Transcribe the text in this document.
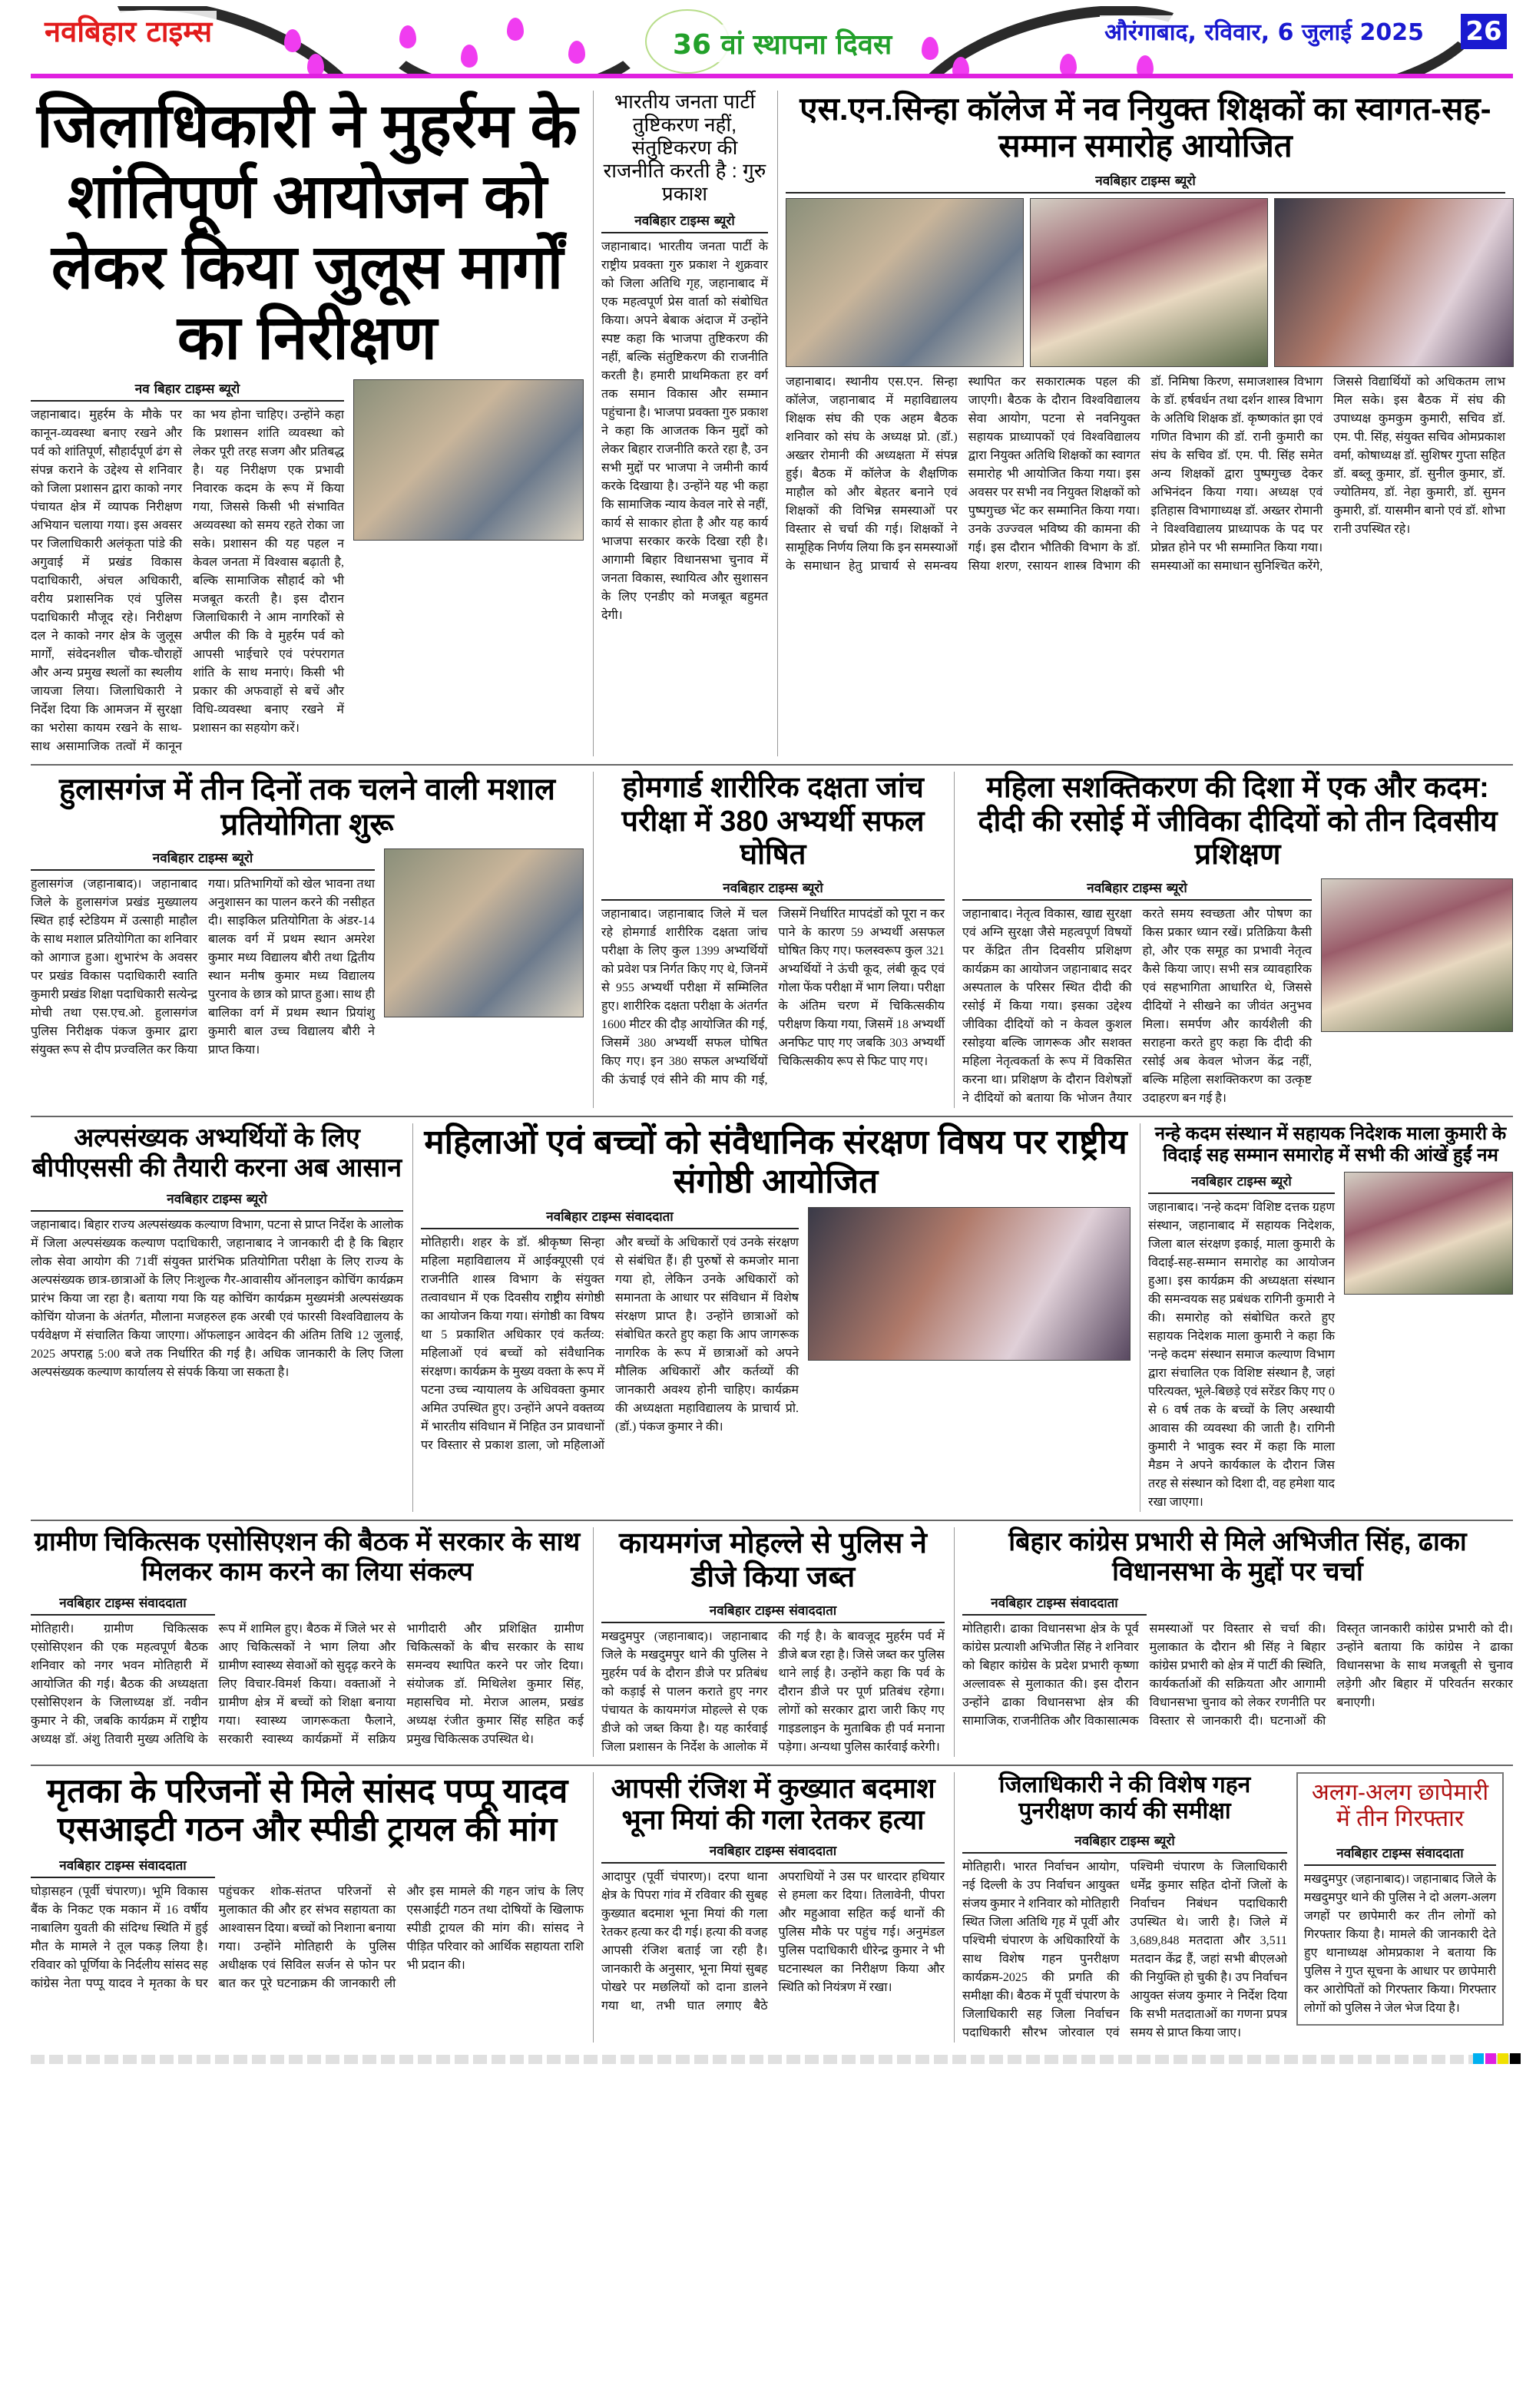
नवबिहार टाइम्स	36 वां स्थापना दिवस	औरंगाबाद, रविवार, 6 जुलाई 2025 26
जिलाधिकारी ने मुहर्रम के शांतिपूर्ण आयोजन को लेकर किया जुलूस मार्गों का निरीक्षण
नव बिहार टाइम्स ब्यूरो
जहानाबाद। मुहर्रम के मौके पर कानून-व्यवस्था बनाए रखने और पर्व को शांतिपूर्ण, सौहार्दपूर्ण ढंग से संपन्न कराने के उद्देश्य से शनिवार को जिला प्रशासन द्वारा काको नगर पंचायत क्षेत्र में व्यापक निरीक्षण अभियान चलाया गया। इस अवसर पर जिलाधिकारी अलंकृता पांडे की अगुवाई में प्रखंड विकास पदाधिकारी, अंचल अधिकारी, वरीय प्रशासनिक एवं पुलिस पदाधिकारी मौजूद रहे। निरीक्षण दल ने काको नगर क्षेत्र के जुलूस मार्गों, संवेदनशील चौक-चौराहों और अन्य प्रमुख स्थलों का स्थलीय जायजा लिया। जिलाधिकारी ने निर्देश दिया कि आमजन में सुरक्षा का भरोसा कायम रखने के साथ-साथ असामाजिक तत्वों में कानून का भय होना चाहिए। उन्होंने कहा कि प्रशासन शांति व्यवस्था को लेकर पूरी तरह सजग और प्रतिबद्ध है। यह निरीक्षण एक प्रभावी निवारक कदम के रूप में किया गया, जिससे किसी भी संभावित अव्यवस्था को समय रहते रोका जा सके। प्रशासन की यह पहल न केवल जनता में विश्वास बढ़ाती है, बल्कि सामाजिक सौहार्द को भी मजबूत करती है। इस दौरान जिलाधिकारी ने आम नागरिकों से अपील की कि वे मुहर्रम पर्व को आपसी भाईचारे एवं परंपरागत शांति के साथ मनाएं। किसी भी प्रकार की अफवाहों से बचें और विधि-व्यवस्था बनाए रखने में प्रशासन का सहयोग करें।
भारतीय जनता पार्टी तुष्टिकरण नहीं, संतुष्टिकरण की राजनीति करती है : गुरु प्रकाश
नवबिहार टाइम्स ब्यूरो
जहानाबाद। भारतीय जनता पार्टी के राष्ट्रीय प्रवक्ता गुरु प्रकाश ने शुक्रवार को जिला अतिथि गृह, जहानाबाद में एक महत्वपूर्ण प्रेस वार्ता को संबोधित किया। अपने बेबाक अंदाज में उन्होंने स्पष्ट कहा कि भाजपा तुष्टिकरण की नहीं, बल्कि संतुष्टिकरण की राजनीति करती है। हमारी प्राथमिकता हर वर्ग तक समान विकास और सम्मान पहुंचाना है। भाजपा प्रवक्ता गुरु प्रकाश ने कहा कि आजतक किन मुद्दों को लेकर बिहार राजनीति करते रहा है, उन सभी मुद्दों पर भाजपा ने जमीनी कार्य करके दिखाया है। उन्होंने यह भी कहा कि सामाजिक न्याय केवल नारे से नहीं, कार्य से साकार होता है और यह कार्य भाजपा सरकार करके दिखा रही है। आगामी बिहार विधानसभा चुनाव में जनता विकास, स्थायित्व और सुशासन के लिए एनडीए को मजबूत बहुमत देगी।
एस.एन.सिन्हा कॉलेज में नव नियुक्त शिक्षकों का स्वागत-सह-सम्मान समारोह आयोजित
नवबिहार टाइम्स ब्यूरो
जहानाबाद। स्थानीय एस.एन. सिन्हा कॉलेज, जहानाबाद में महाविद्यालय शिक्षक संघ की एक अहम बैठक शनिवार को संघ के अध्यक्ष प्रो. (डॉ.) अख्तर रोमानी की अध्यक्षता में संपन्न हुई। बैठक में कॉलेज के शैक्षणिक माहौल को और बेहतर बनाने एवं शिक्षकों की विभिन्न समस्याओं पर विस्तार से चर्चा की गई। शिक्षकों ने सामूहिक निर्णय लिया कि इन समस्याओं के समाधान हेतु प्राचार्य से समन्वय स्थापित कर सकारात्मक पहल की जाएगी। बैठक के दौरान विश्वविद्यालय सेवा आयोग, पटना से नवनियुक्त सहायक प्राध्यापकों एवं विश्वविद्यालय द्वारा नियुक्त अतिथि शिक्षकों का स्वागत समारोह भी आयोजित किया गया। इस अवसर पर सभी नव नियुक्त शिक्षकों को पुष्पगुच्छ भेंट कर सम्मानित किया गया। उनके उज्ज्वल भविष्य की कामना की गई। इस दौरान भौतिकी विभाग के डॉ. सिया शरण, रसायन शास्त्र विभाग की डॉ. निमिषा किरण, समाजशास्त्र विभाग के डॉ. हर्षवर्धन तथा दर्शन शास्त्र विभाग के अतिथि शिक्षक डॉ. कृष्णकांत झा एवं गणित विभाग की डॉ. रानी कुमारी का संघ के सचिव डॉ. एम. पी. सिंह समेत अन्य शिक्षकों द्वारा पुष्पगुच्छ देकर अभिनंदन किया गया। अध्यक्ष एवं इतिहास विभागाध्यक्ष डॉ. अख्तर रोमानी ने विश्वविद्यालय प्राध्यापक के पद पर प्रोन्नत होने पर भी सम्मानित किया गया। समस्याओं का समाधान सुनिश्चित करेंगे, जिससे विद्यार्थियों को अधिकतम लाभ मिल सके। इस बैठक में संघ की उपाध्यक्ष कुमकुम कुमारी, सचिव डॉ. एम. पी. सिंह, संयुक्त सचिव ओमप्रकाश वर्मा, कोषाध्यक्ष डॉ. सुशिषर गुप्ता सहित डॉ. बब्लू कुमार, डॉ. सुनील कुमार, डॉ. ज्योतिमय, डॉ. नेहा कुमारी, डॉ. सुमन कुमारी, डॉ. यासमीन बानो एवं डॉ. शोभा रानी उपस्थित रहे।
हुलासगंज में तीन दिनों तक चलने वाली मशाल प्रतियोगिता शुरू
नवबिहार टाइम्स ब्यूरो
हुलासगंज (जहानाबाद)। जहानाबाद जिले के हुलासगंज प्रखंड मुख्यालय स्थित हाई स्टेडियम में उत्साही माहौल के साथ मशाल प्रतियोगिता का शनिवार को आगाज हुआ। शुभारंभ के अवसर पर प्रखंड विकास पदाधिकारी स्वाति कुमारी प्रखंड शिक्षा पदाधिकारी सत्येन्द्र मोची तथा एस.एच.ओ. हुलासगंज पुलिस निरीक्षक पंकज कुमार द्वारा संयुक्त रूप से दीप प्रज्वलित कर किया गया। प्रतिभागियों को खेल भावना तथा अनुशासन का पालन करने की नसीहत दी। साइकिल प्रतियोगिता के अंडर-14 बालक वर्ग में प्रथम स्थान अमरेश कुमार मध्य विद्यालय बौरी तथा द्वितीय स्थान मनीष कुमार मध्य विद्यालय पुरनाव के छात्र को प्राप्त हुआ। साथ ही बालिका वर्ग में प्रथम स्थान प्रियांशु कुमारी बाल उच्च विद्यालय बौरी ने प्राप्त किया।
होमगार्ड शारीरिक दक्षता जांच परीक्षा में 380 अभ्यर्थी सफल घोषित
नवबिहार टाइम्स ब्यूरो
जहानाबाद। जहानाबाद जिले में चल रहे होमगार्ड शारीरिक दक्षता जांच परीक्षा के लिए कुल 1399 अभ्यर्थियों को प्रवेश पत्र निर्गत किए गए थे, जिनमें से 955 अभ्यर्थी परीक्षा में सम्मिलित हुए। शारीरिक दक्षता परीक्षा के अंतर्गत 1600 मीटर की दौड़ आयोजित की गई, जिसमें 380 अभ्यर्थी सफल घोषित किए गए। इन 380 सफल अभ्यर्थियों की ऊंचाई एवं सीने की माप की गई, जिसमें निर्धारित मापदंडों को पूरा न कर पाने के कारण 59 अभ्यर्थी असफल घोषित किए गए। फलस्वरूप कुल 321 अभ्यर्थियों ने ऊंची कूद, लंबी कूद एवं गोला फेंक परीक्षा में भाग लिया। परीक्षा के अंतिम चरण में चिकित्सकीय परीक्षण किया गया, जिसमें 18 अभ्यर्थी अनफिट पाए गए जबकि 303 अभ्यर्थी चिकित्सकीय रूप से फिट पाए गए।
महिला सशक्तिकरण की दिशा में एक और कदम: दीदी की रसोई में जीविका दीदियों को तीन दिवसीय प्रशिक्षण
नवबिहार टाइम्स ब्यूरो
जहानाबाद। नेतृत्व विकास, खाद्य सुरक्षा एवं अग्नि सुरक्षा जैसे महत्वपूर्ण विषयों पर केंद्रित तीन दिवसीय प्रशिक्षण कार्यक्रम का आयोजन जहानाबाद सदर अस्पताल के परिसर स्थित दीदी की रसोई में किया गया। इसका उद्देश्य जीविका दीदियों को न केवल कुशल रसोइया बल्कि जागरूक और सशक्त महिला नेतृत्वकर्ता के रूप में विकसित करना था। प्रशिक्षण के दौरान विशेषज्ञों ने दीदियों को बताया कि भोजन तैयार करते समय स्वच्छता और पोषण का किस प्रकार ध्यान रखें। प्रतिक्रिया कैसी हो, और एक समूह का प्रभावी नेतृत्व कैसे किया जाए। सभी सत्र व्यावहारिक एवं सहभागिता आधारित थे, जिससे दीदियों ने सीखने का जीवंत अनुभव मिला। समर्पण और कार्यशैली की सराहना करते हुए कहा कि दीदी की रसोई अब केवल भोजन केंद्र नहीं, बल्कि महिला सशक्तिकरण का उत्कृष्ट उदाहरण बन गई है।
अल्पसंख्यक अभ्यर्थियों के लिए बीपीएससी की तैयारी करना अब आसान
नवबिहार टाइम्स ब्यूरो
जहानाबाद। बिहार राज्य अल्पसंख्यक कल्याण विभाग, पटना से प्राप्त निर्देश के आलोक में जिला अल्पसंख्यक कल्याण पदाधिकारी, जहानाबाद ने जानकारी दी है कि बिहार लोक सेवा आयोग की 71वीं संयुक्त प्रारंभिक प्रतियोगिता परीक्षा के लिए राज्य के अल्पसंख्यक छात्र-छात्राओं के लिए निःशुल्क गैर-आवासीय ऑनलाइन कोचिंग कार्यक्रम प्रारंभ किया जा रहा है। बताया गया कि यह कोचिंग कार्यक्रम मुख्यमंत्री अल्पसंख्यक कोचिंग योजना के अंतर्गत, मौलाना मजहरुल हक अरबी एवं फारसी विश्वविद्यालय के पर्यवेक्षण में संचालित किया जाएगा। ऑफलाइन आवेदन की अंतिम तिथि 12 जुलाई, 2025 अपराह्न 5:00 बजे तक निर्धारित की गई है। अधिक जानकारी के लिए जिला अल्पसंख्यक कल्याण कार्यालय से संपर्क किया जा सकता है।
महिलाओं एवं बच्चों को संवैधानिक संरक्षण विषय पर राष्ट्रीय संगोष्ठी आयोजित
नवबिहार टाइम्स संवाददाता
मोतिहारी। शहर के डॉ. श्रीकृष्ण सिन्हा महिला महाविद्यालय में आईक्यूएसी एवं राजनीति शास्त्र विभाग के संयुक्त तत्वावधान में एक दिवसीय राष्ट्रीय संगोष्ठी का आयोजन किया गया। संगोष्ठी का विषय था 5 प्रकाशित अधिकार एवं कर्तव्य: महिलाओं एवं बच्चों को संवैधानिक संरक्षण। कार्यक्रम के मुख्य वक्ता के रूप में पटना उच्च न्यायालय के अधिवक्ता कुमार अमित उपस्थित हुए। उन्होंने अपने वक्तव्य में भारतीय संविधान में निहित उन प्रावधानों पर विस्तार से प्रकाश डाला, जो महिलाओं और बच्चों के अधिकारों एवं उनके संरक्षण से संबंधित हैं। ही पुरुषों से कमजोर माना गया हो, लेकिन उनके अधिकारों को समानता के आधार पर संविधान में विशेष संरक्षण प्राप्त है। उन्होंने छात्राओं को संबोधित करते हुए कहा कि आप जागरूक नागरिक के रूप में छात्राओं को अपने मौलिक अधिकारों और कर्तव्यों की जानकारी अवश्य होनी चाहिए। कार्यक्रम की अध्यक्षता महाविद्यालय के प्राचार्य प्रो. (डॉ.) पंकज कुमार ने की।
नन्हे कदम संस्थान में सहायक निदेशक माला कुमारी के विदाई सह सम्मान समारोह में सभी की आंखें हुईं नम
नवबिहार टाइम्स ब्यूरो
जहानाबाद। 'नन्हे कदम' विशिष्ट दत्तक ग्रहण संस्थान, जहानाबाद में सहायक निदेशक, जिला बाल संरक्षण इकाई, माला कुमारी के विदाई-सह-सम्मान समारोह का आयोजन हुआ। इस कार्यक्रम की अध्यक्षता संस्थान की समन्वयक सह प्रबंधक रागिनी कुमारी ने की। समारोह को संबोधित करते हुए सहायक निदेशक माला कुमारी ने कहा कि 'नन्हे कदम' संस्थान समाज कल्याण विभाग द्वारा संचालित एक विशिष्ट संस्थान है, जहां परित्यक्त, भूले-बिछड़े एवं सरेंडर किए गए 0 से 6 वर्ष तक के बच्चों के लिए अस्थायी आवास की व्यवस्था की जाती है। रागिनी कुमारी ने भावुक स्वर में कहा कि माला मैडम ने अपने कार्यकाल के दौरान जिस तरह से संस्थान को दिशा दी, वह हमेशा याद रखा जाएगा।
ग्रामीण चिकित्सक एसोसिएशन की बैठक में सरकार के साथ मिलकर काम करने का लिया संकल्प
नवबिहार टाइम्स संवाददाता
मोतिहारी। ग्रामीण चिकित्सक एसोसिएशन की एक महत्वपूर्ण बैठक शनिवार को नगर भवन मोतिहारी में आयोजित की गई। बैठक की अध्यक्षता एसोसिएशन के जिलाध्यक्ष डॉ. नवीन कुमार ने की, जबकि कार्यक्रम में राष्ट्रीय अध्यक्ष डॉ. अंशु तिवारी मुख्य अतिथि के रूप में शामिल हुए। बैठक में जिले भर से आए चिकित्सकों ने भाग लिया और ग्रामीण स्वास्थ्य सेवाओं को सुदृढ़ करने के लिए विचार-विमर्श किया। वक्ताओं ने ग्रामीण क्षेत्र में बच्चों को शिक्षा बनाया गया। स्वास्थ्य जागरूकता फैलाने, सरकारी स्वास्थ्य कार्यक्रमों में सक्रिय भागीदारी और प्रशिक्षित ग्रामीण चिकित्सकों के बीच सरकार के साथ समन्वय स्थापित करने पर जोर दिया। संयोजक डॉ. मिथिलेश कुमार सिंह, महासचिव मो. मेराज आलम, प्रखंड अध्यक्ष रंजीत कुमार सिंह सहित कई प्रमुख चिकित्सक उपस्थित थे।
कायमगंज मोहल्ले से पुलिस ने डीजे किया जब्त
नवबिहार टाइम्स संवाददाता
मखदुमपुर (जहानाबाद)। जहानाबाद जिले के मखदुमपुर थाने की पुलिस ने मुहर्रम पर्व के दौरान डीजे पर प्रतिबंध को कड़ाई से पालन कराते हुए नगर पंचायत के कायमगंज मोहल्ले से एक डीजे को जब्त किया है। यह कार्रवाई जिला प्रशासन के निर्देश के आलोक में की गई है। के बावजूद मुहर्रम पर्व में डीजे बज रहा है। जिसे जब्त कर पुलिस थाने लाई है। उन्होंने कहा कि पर्व के दौरान डीजे पर पूर्ण प्रतिबंध रहेगा। लोगों को सरकार द्वारा जारी किए गए गाइडलाइन के मुताबिक ही पर्व मनाना पड़ेगा। अन्यथा पुलिस कार्रवाई करेगी।
बिहार कांग्रेस प्रभारी से मिले अभिजीत सिंह, ढाका विधानसभा के मुद्दों पर चर्चा
नवबिहार टाइम्स संवाददाता
मोतिहारी। ढाका विधानसभा क्षेत्र के पूर्व कांग्रेस प्रत्याशी अभिजीत सिंह ने शनिवार को बिहार कांग्रेस के प्रदेश प्रभारी कृष्णा अल्लावरू से मुलाकात की। इस दौरान उन्होंने ढाका विधानसभा क्षेत्र की सामाजिक, राजनीतिक और विकासात्मक समस्याओं पर विस्तार से चर्चा की। मुलाकात के दौरान श्री सिंह ने बिहार कांग्रेस प्रभारी को क्षेत्र में पार्टी की स्थिति, कार्यकर्ताओं की सक्रियता और आगामी विधानसभा चुनाव को लेकर रणनीति पर विस्तार से जानकारी दी। घटनाओं की विस्तृत जानकारी कांग्रेस प्रभारी को दी। उन्होंने बताया कि कांग्रेस ने ढाका विधानसभा के साथ मजबूती से चुनाव लड़ेगी और बिहार में परिवर्तन सरकार बनाएगी।
मृतका के परिजनों से मिले सांसद पप्पू यादव एसआइटी गठन और स्पीडी ट्रायल की मांग
नवबिहार टाइम्स संवाददाता
घोड़ासहन (पूर्वी चंपारण)। भूमि विकास बैंक के निकट एक मकान में 16 वर्षीय नाबालिग युवती की संदिग्ध स्थिति में हुई मौत के मामले ने तूल पकड़ लिया है। रविवार को पूर्णिया के निर्दलीय सांसद सह कांग्रेस नेता पप्पू यादव ने मृतका के घर पहुंचकर शोक-संतप्त परिजनों से मुलाकात की और हर संभव सहायता का आश्वासन दिया। बच्चों को निशाना बनाया गया। उन्होंने मोतिहारी के पुलिस अधीक्षक एवं सिविल सर्जन से फोन पर बात कर पूरे घटनाक्रम की जानकारी ली और इस मामले की गहन जांच के लिए एसआईटी गठन तथा दोषियों के खिलाफ स्पीडी ट्रायल की मांग की। सांसद ने पीड़ित परिवार को आर्थिक सहायता राशि भी प्रदान की।
आपसी रंजिश में कुख्यात बदमाश भूना मियां की गला रेतकर हत्या
नवबिहार टाइम्स संवाददाता
आदापुर (पूर्वी चंपारण)। दरपा थाना क्षेत्र के पिपरा गांव में रविवार की सुबह कुख्यात बदमाश भूना मियां की गला रेतकर हत्या कर दी गई। हत्या की वजह आपसी रंजिश बताई जा रही है। जानकारी के अनुसार, भूना मियां सुबह पोखरे पर मछलियों को दाना डालने गया था, तभी घात लगाए बैठे अपराधियों ने उस पर धारदार हथियार से हमला कर दिया। तिलावेनी, पीपरा और महुआवा सहित कई थानों की पुलिस मौके पर पहुंच गई। अनुमंडल पुलिस पदाधिकारी धीरेन्द्र कुमार ने भी घटनास्थल का निरीक्षण किया और स्थिति को नियंत्रण में रखा।
जिलाधिकारी ने की विशेष गहन पुनरीक्षण कार्य की समीक्षा
नवबिहार टाइम्स ब्यूरो
मोतिहारी। भारत निर्वाचन आयोग, नई दिल्ली के उप निर्वाचन आयुक्त संजय कुमार ने शनिवार को मोतिहारी स्थित जिला अतिथि गृह में पूर्वी और पश्चिमी चंपारण के अधिकारियों के साथ विशेष गहन पुनरीक्षण कार्यक्रम-2025 की प्रगति की समीक्षा की। बैठक में पूर्वी चंपारण के जिलाधिकारी सह जिला निर्वाचन पदाधिकारी सौरभ जोरवाल एवं पश्चिमी चंपारण के जिलाधिकारी धर्मेंद्र कुमार सहित दोनों जिलों के निर्वाचन निबंधन पदाधिकारी उपस्थित थे। जारी है। जिले में 3,689,848 मतदाता और 3,511 मतदान केंद्र हैं, जहां सभी बीएलओ की नियुक्ति हो चुकी है। उप निर्वाचन आयुक्त संजय कुमार ने निर्देश दिया कि सभी मतदाताओं का गणना प्रपत्र समय से प्राप्त किया जाए।
अलग-अलग छापेमारी में तीन गिरफ्तार
नवबिहार टाइम्स संवाददाता
मखदुमपुर (जहानाबाद)। जहानाबाद जिले के मखदुमपुर थाने की पुलिस ने दो अलग-अलग जगहों पर छापेमारी कर तीन लोगों को गिरफ्तार किया है। मामले की जानकारी देते हुए थानाध्यक्ष ओमप्रकाश ने बताया कि पुलिस ने गुप्त सूचना के आधार पर छापेमारी कर आरोपितों को गिरफ्तार किया। गिरफ्तार लोगों को पुलिस ने जेल भेज दिया है।
